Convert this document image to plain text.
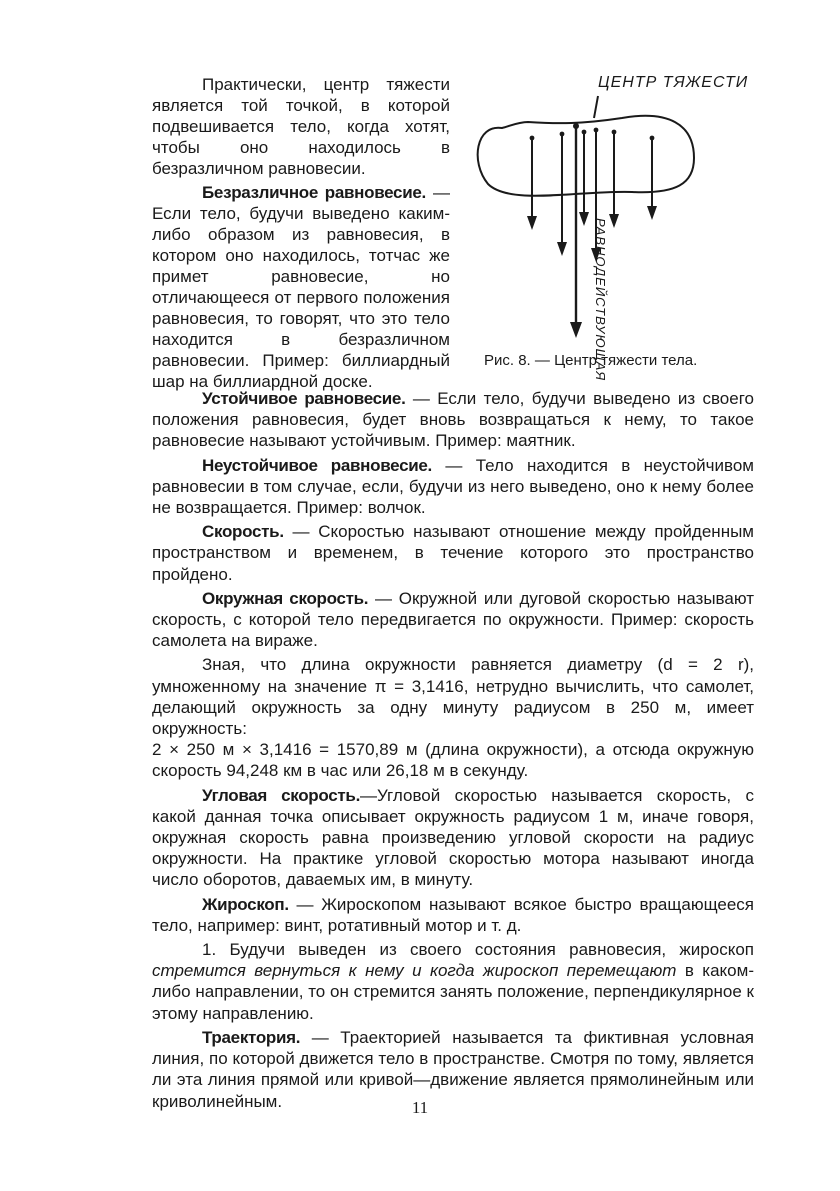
Практически, центр тяжести является той точкой, в которой подвешивается тело, когда хотят, чтобы оно находилось в безразличном равновесии.

Безразличное равновесие. — Если тело, будучи выведено каким-либо образом из равновесия, в котором оно находилось, тотчас же примет равновесие, но отличающееся от первого положения равновесия, то говорят, что это тело находится в безразличном равновесии. Пример: биллиардный шар на биллиардной доске.

ЦЕНТР ТЯЖЕСТИ
РАВНОДЕЙСТВУЮЩАЯ
Рис. 8. — Центр тяжести тела.

Устойчивое равновесие. — Если тело, будучи выведено из своего положения равновесия, будет вновь возвращаться к нему, то такое равновесие называют устойчивым. Пример: маятник.

Неустойчивое равновесие. — Тело находится в неустойчивом равновесии в том случае, если, будучи из него выведено, оно к нему более не возвращается. Пример: волчок.

Скорость. — Скоростью называют отношение между пройденным пространством и временем, в течение которого это пространство пройдено.

Окружная скорость. — Окружной или дуговой скоростью называют скорость, с которой тело передвигается по окружности. Пример: скорость самолета на вираже.

Зная, что длина окружности равняется диаметру (d = 2 r), умноженному на значение π = 3,1416, нетрудно вычислить, что самолет, делающий окружность за одну минуту радиусом в 250 м, имеет окружность:

2 × 250 м × 3,1416 = 1570,89 м (длина окружности), а отсюда окружную скорость 94,248 км в час или 26,18 м в секунду.

Угловая скорость.—Угловой скоростью называется скорость, с какой данная точка описывает окружность радиусом 1 м, иначе говоря, окружная скорость равна произведению угловой скорости на радиус окружности. На практике угловой скоростью мотора называют иногда число оборотов, даваемых им, в минуту.

Жироскоп. — Жироскопом называют всякое быстро вращающееся тело, например: винт, ротативный мотор и т. д.

1. Будучи выведен из своего состояния равновесия, жироскоп стремится вернуться к нему и когда жироскоп перемещают в каком-либо направлении, то он стремится занять положение, перпендикулярное к этому направлению.

Траектория. — Траекторией называется та фиктивная условная линия, по которой движется тело в пространстве. Смотря по тому, является ли эта линия прямой или кривой—движение является прямолинейным или криволинейным.	11
